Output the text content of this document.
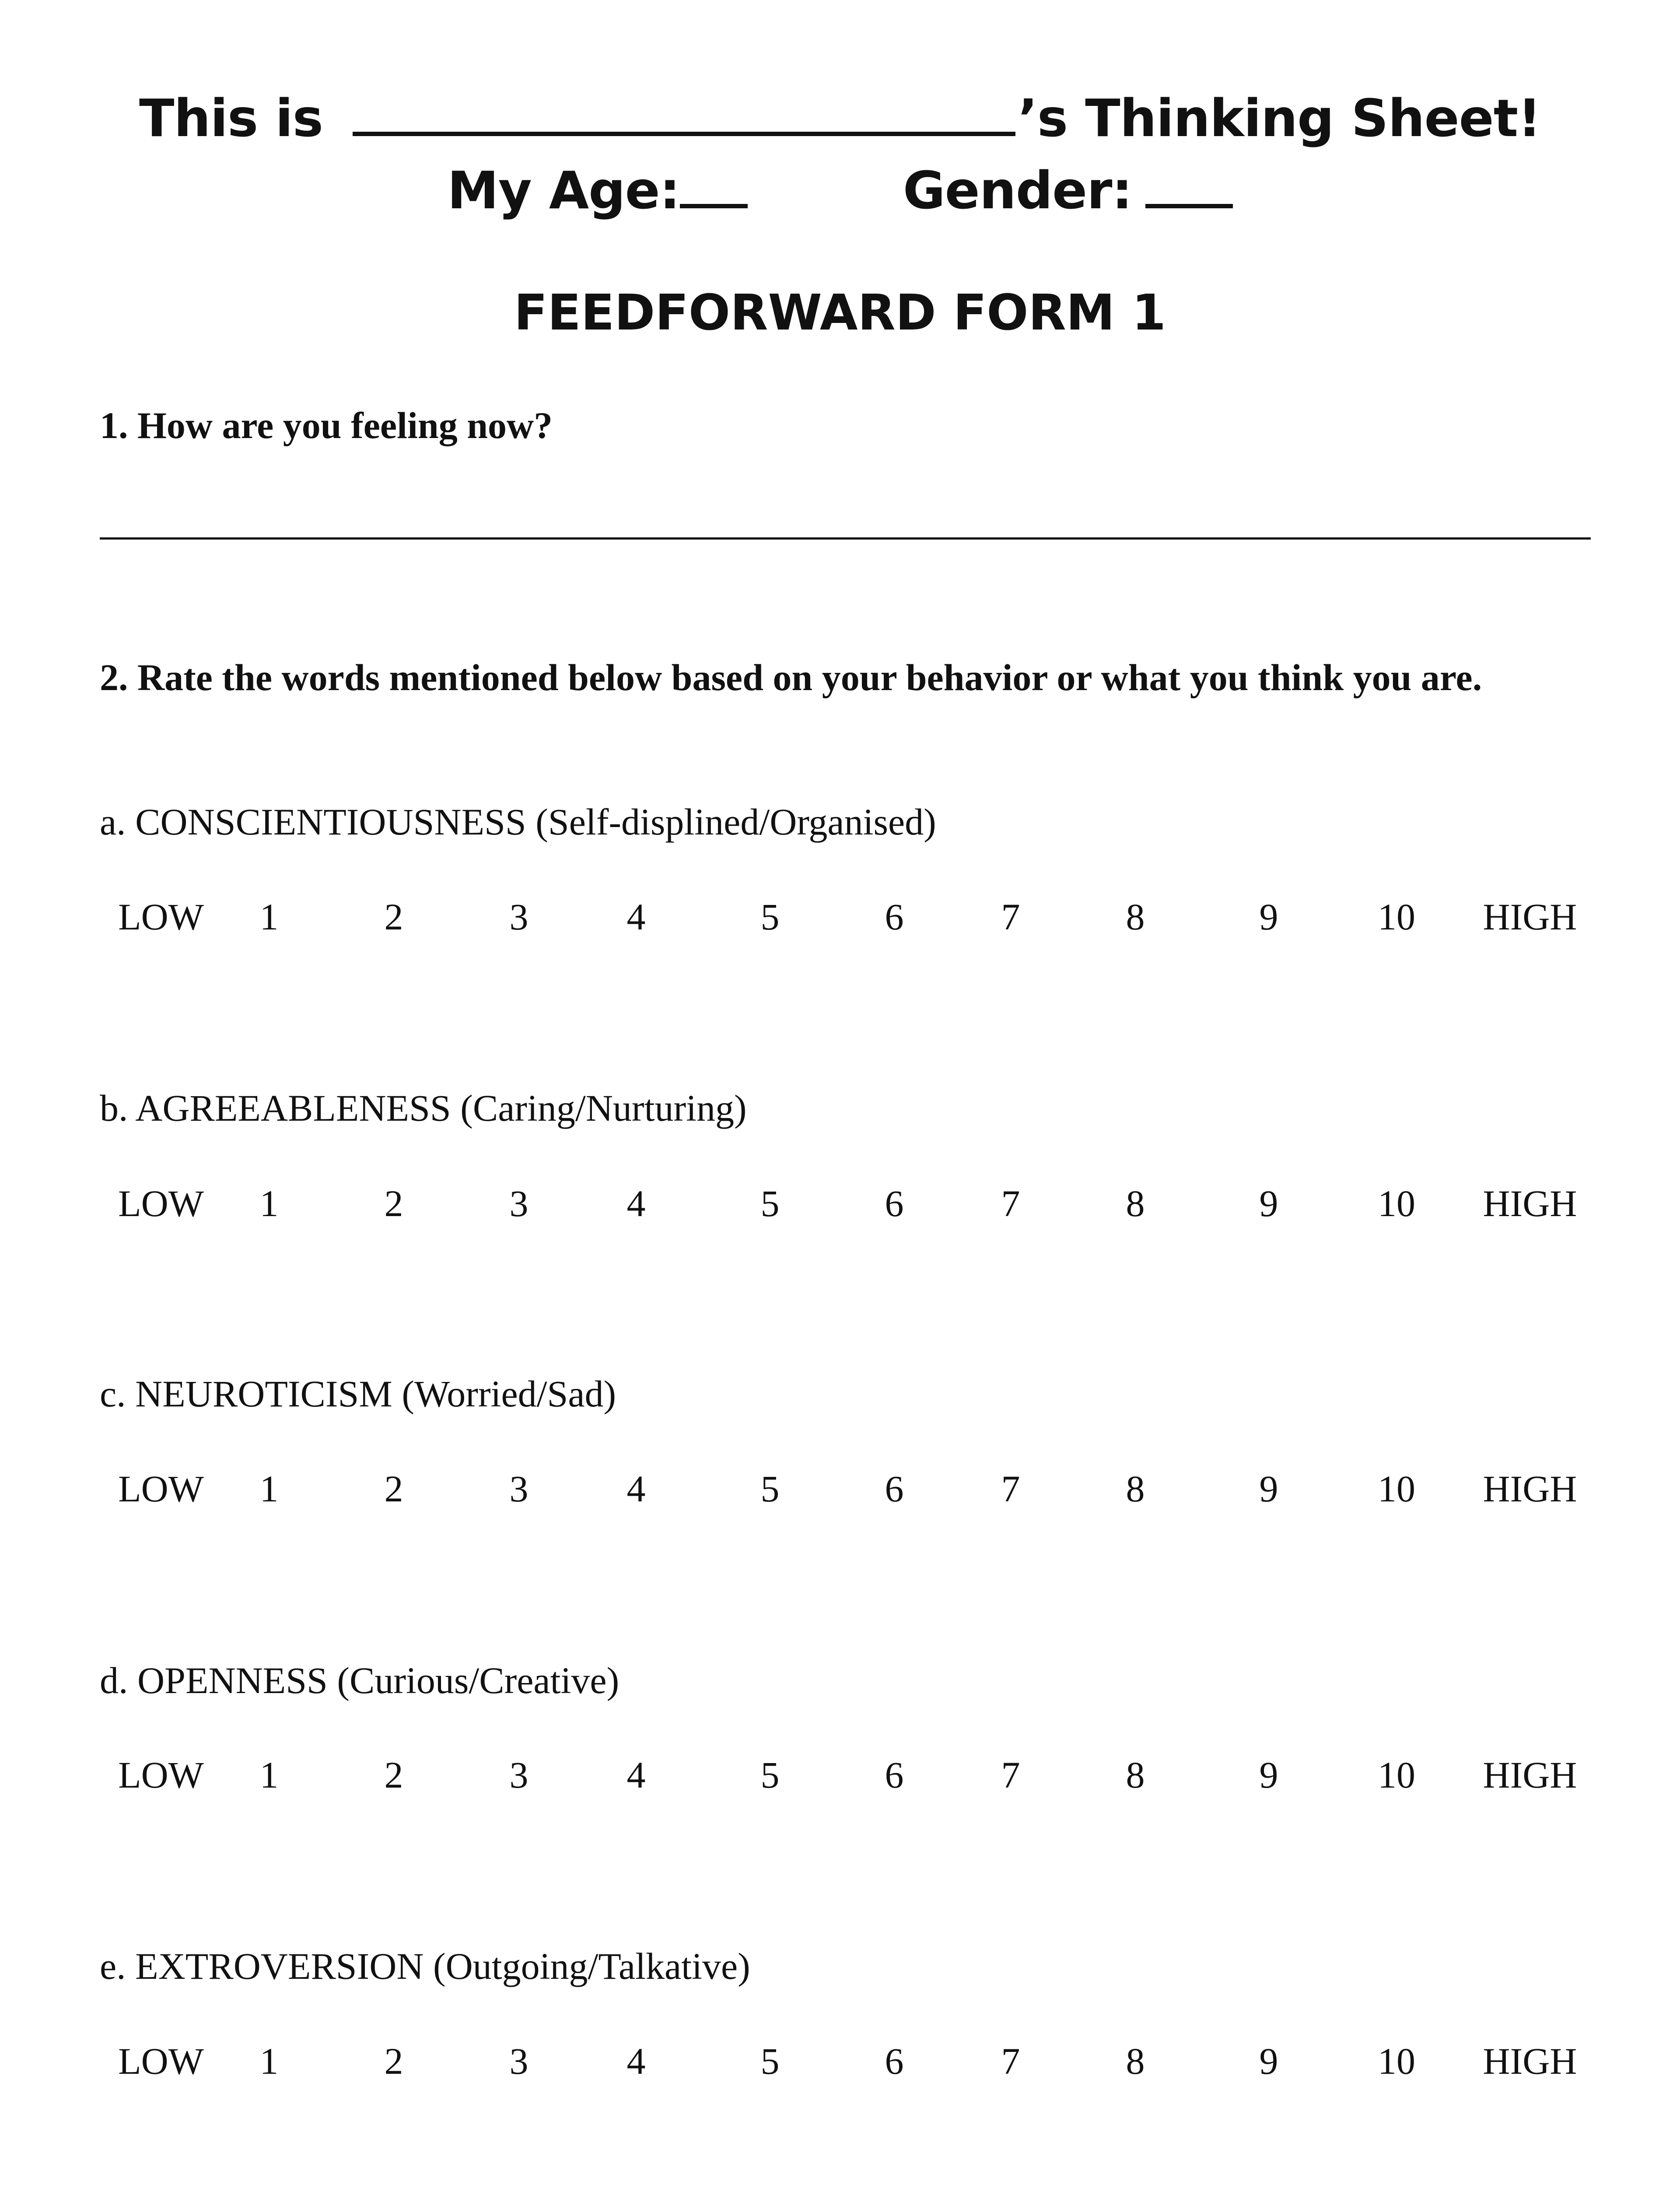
This is	’s Thinking Sheet!
My Age:	Gender:
FEEDFORWARD FORM 1
1. How are you feeling now?
2. Rate the words mentioned below based on your behavior or what you think you are.
a. CONSCIENTIOUSNESS (Self-displined/Organised)
LOW 1	2	3	4	5	6	7	8	9	10 HIGH
b. AGREEABLENESS (Caring/Nurturing)
LOW 1	2	3	4	5	6	7	8	9	10 HIGH
c. NEUROTICISM (Worried/Sad)
LOW 1	2	3	4	5	6	7	8	9	10 HIGH
d. OPENNESS (Curious/Creative)
LOW 1	2	3	4	5	6	7	8	9	10 HIGH
e. EXTROVERSION (Outgoing/Talkative)
LOW 1	2	3	4	5	6	7	8	9	10 HIGH
